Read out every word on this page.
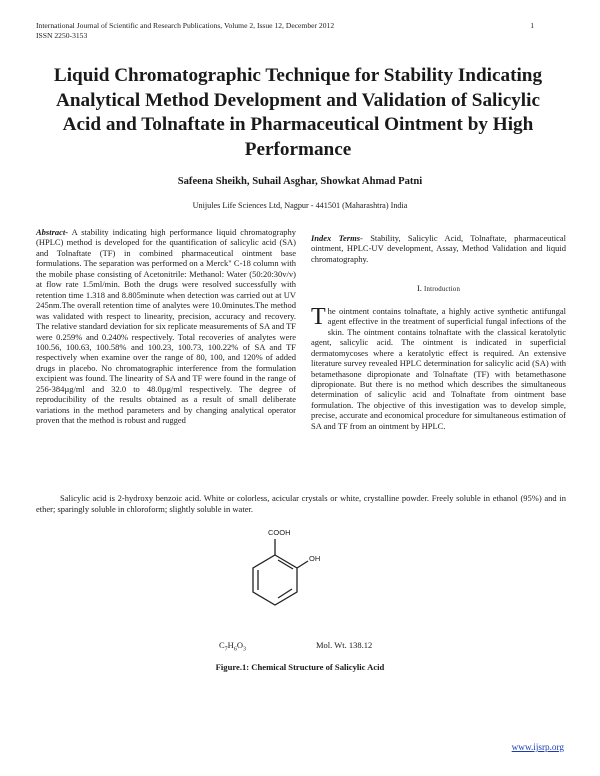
International Journal of Scientific and Research Publications, Volume 2, Issue 12, December 2012
ISSN 2250-3153
1
Liquid Chromatographic Technique for Stability Indicating Analytical Method Development and Validation of Salicylic Acid and Tolnaftate in Pharmaceutical Ointment by High Performance
Safeena Sheikh, Suhail Asghar, Showkat Ahmad Patni
Unijules Life Sciences Ltd, Nagpur - 441501 (Maharashtra) India
Abstract- A stability indicating high performance liquid chromatography (HPLC) method is developed for the quantification of salicylic acid (SA) and Tolnaftate (TF) in combined pharmaceutical ointment base formulations. The separation was performed on a Merck" C-18 column with the mobile phase consisting of Acetonitrile: Methanol: Water (50:20:30v/v) at flow rate 1.5ml/min. Both the drugs were resolved successfully with retention time 1.318 and 8.805minute when detection was carried out at UV 245nm.The overall retention time of analytes were 10.0minutes.The method was validated with respect to linearity, precision, accuracy and recovery. The relative standard deviation for six replicate measurements of SA and TF were 0.259% and 0.240% respectively. Total recoveries of analytes were 100.56, 100.63, 100.58% and 100.23, 100.73, 100.22% of SA and TF respectively when examine over the range of 80, 100, and 120% of added drugs in placebo. No chromatographic interference from the formulation excipient was found. The linearity of SA and TF were found in the range of 256-384µg/ml and 32.0 to 48.0µg/ml respectively. The degree of reproducibility of the results obtained as a result of small deliberate variations in the method parameters and by changing analytical operator proven that the method is robust and rugged
Index Terms- Stability, Salicylic Acid, Tolnaftate, pharmaceutical ointment, HPLC-UV development, Assay, Method Validation and liquid chromatography.
I. Introduction
The ointment contains tolnaftate, a highly active synthetic antifungal agent effective in the treatment of superficial fungal infections of the skin. The ointment contains tolnaftate with the classical keratolytic agent, salicylic acid. The ointment is indicated in superficial dermatomycoses where a keratolytic effect is required. An extensive literature survey revealed HPLC determination for salicylic acid (SA) with betamethasone dipropionate and Tolnaftate (TF) with betamethasone dipropionate. But there is no method which describes the simultaneous determination of salicylic acid and Tolnaftate from ointment base formulation. The objective of this investigation was to develop simple, precise, accurate and economical procedure for simultaneous estimation of SA and TF from an ointment by HPLC.
Salicylic acid is 2-hydroxy benzoic acid. White or colorless, acicular crystals or white, crystalline powder. Freely soluble in ethanol (95%) and in ether; sparingly soluble in chloroform; slightly soluble in water.
COOH
OH
$C_7H_6O_3$	Mol. Wt. 138.12
Figure.1: Chemical Structure of Salicylic Acid
www.ijsrp.org
